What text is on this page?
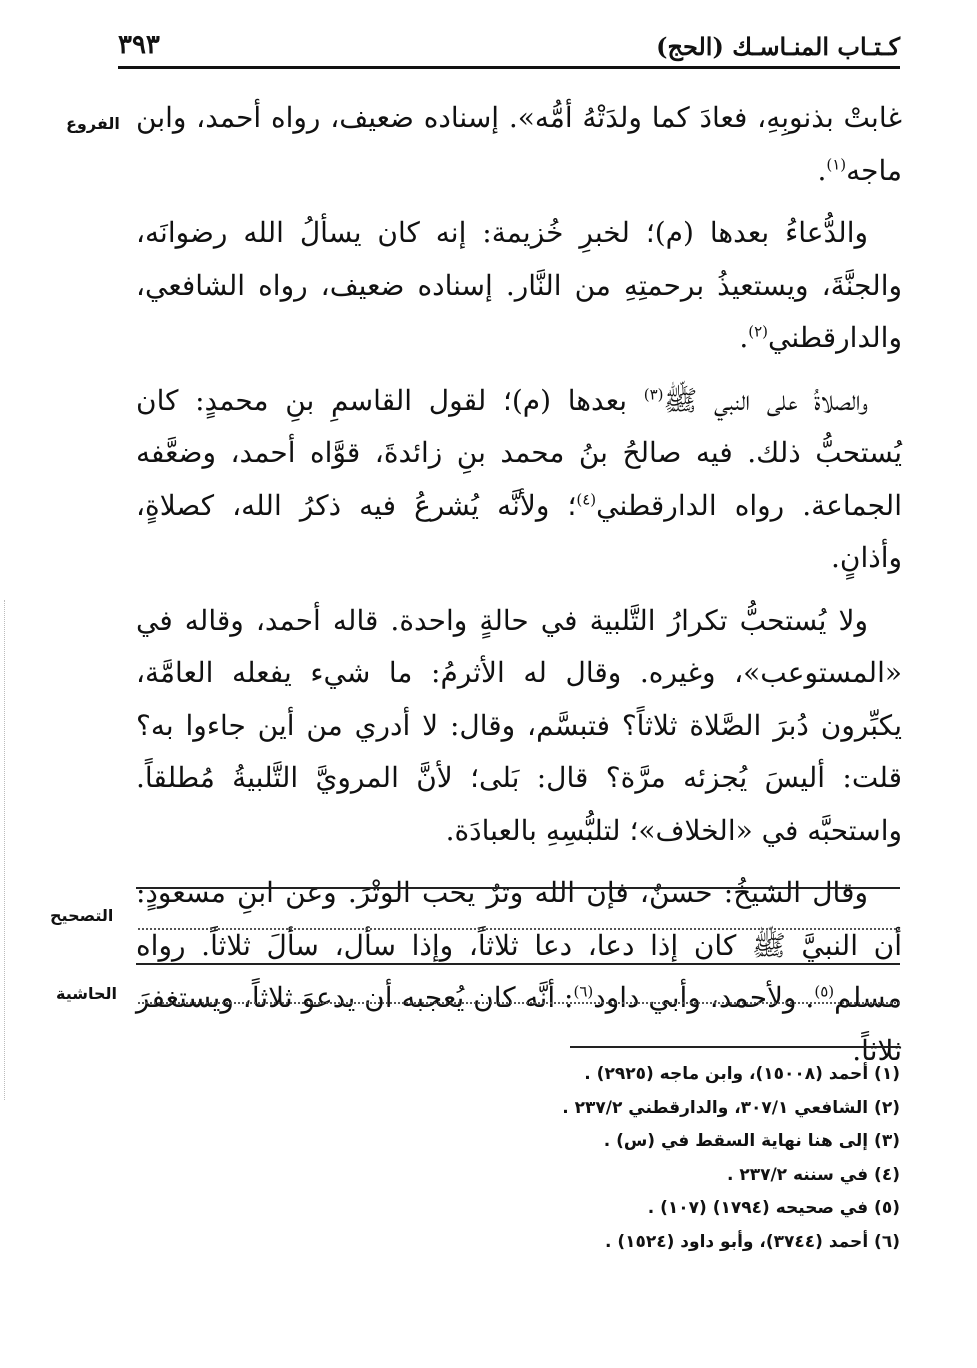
كـتـاب المنـاسـك (الحج)
٣٩٣
الفروع غابتْ بذنوبِهِ، فعادَ كما ولدَتْهُ أمُّه». إسناده ضعيف، رواه أحمد، وابن ماجه$^{(١)}$.

والدُّعاءُ بعدها (م)؛ لخبرِ خُزيمة: إنه كان يسألُ الله رضوانَه، والجنَّةَ، ويستعيذُ برحمتِهِ من النَّار. إسناده ضعيف، رواه الشافعي، والدارقطني$^{(٢)}$.

والصلاةُ على النبي ﷺ$^{(٣)}$ بعدها (م)؛ لقول القاسمِ بنِ محمدٍ: كان يُستحبُّ ذلك. فيه صالحُ بنُ محمد بنِ زائدةَ، قوَّاه أحمد، وضعَّفه الجماعة. رواه الدارقطني$^{(٤)}$؛ ولأنَّه يُشرعُ فيه ذكرُ الله، كصلاةٍ، وأذانٍ.

ولا يُستحبُّ تكرارُ التَّلبية في حالةٍ واحدة. قاله أحمد، وقاله في «المستوعب»، وغيره. وقال له الأثرمُ: ما شيء يفعله العامَّة، يكبِّرون دُبرَ الصَّلاة ثلاثاً؟ فتبسَّم، وقال: لا أدري من أين جاءوا به؟ قلت: أليسَ يُجزئه مرَّة؟ قال: بَلى؛ لأنَّ المرويَّ التَّلبيةُ مُطلقاً. واستحبَّه في «الخلاف»؛ لتلبُّسِهِ بالعبادَة.

وقال الشيخُ: حسنٌ، فإن الله وترٌ يحب الوتْرَ. وعن ابنِ مسعودٍ: أن النبيَّ ﷺ كان إذا دعا، دعا ثلاثاً، وإذا سأل، سألَ ثلاثاً. رواه مسلم$^{(٥)}$. ولأحمد، وأبي داود$^{(٦)}$: أنَّه كان يُعجبه أن يدعوَ ثلاثاً، ويستغفرَ ثلاثاً.

التصحيح
الحاشية
(١) أحمد (١٥٠٠٨)، وابن ماجه (٢٩٢٥) .
(٢) الشافعي ٣٠٧/١، والدارقطني ٢٣٧/٢ .
(٣) إلى هنا نهاية السقط في (س) .
(٤) في سننه ٢٣٧/٢ .
(٥) في صحيحه (١٧٩٤) (١٠٧) .
(٦) أحمد (٣٧٤٤)، وأبو داود (١٥٢٤) .
